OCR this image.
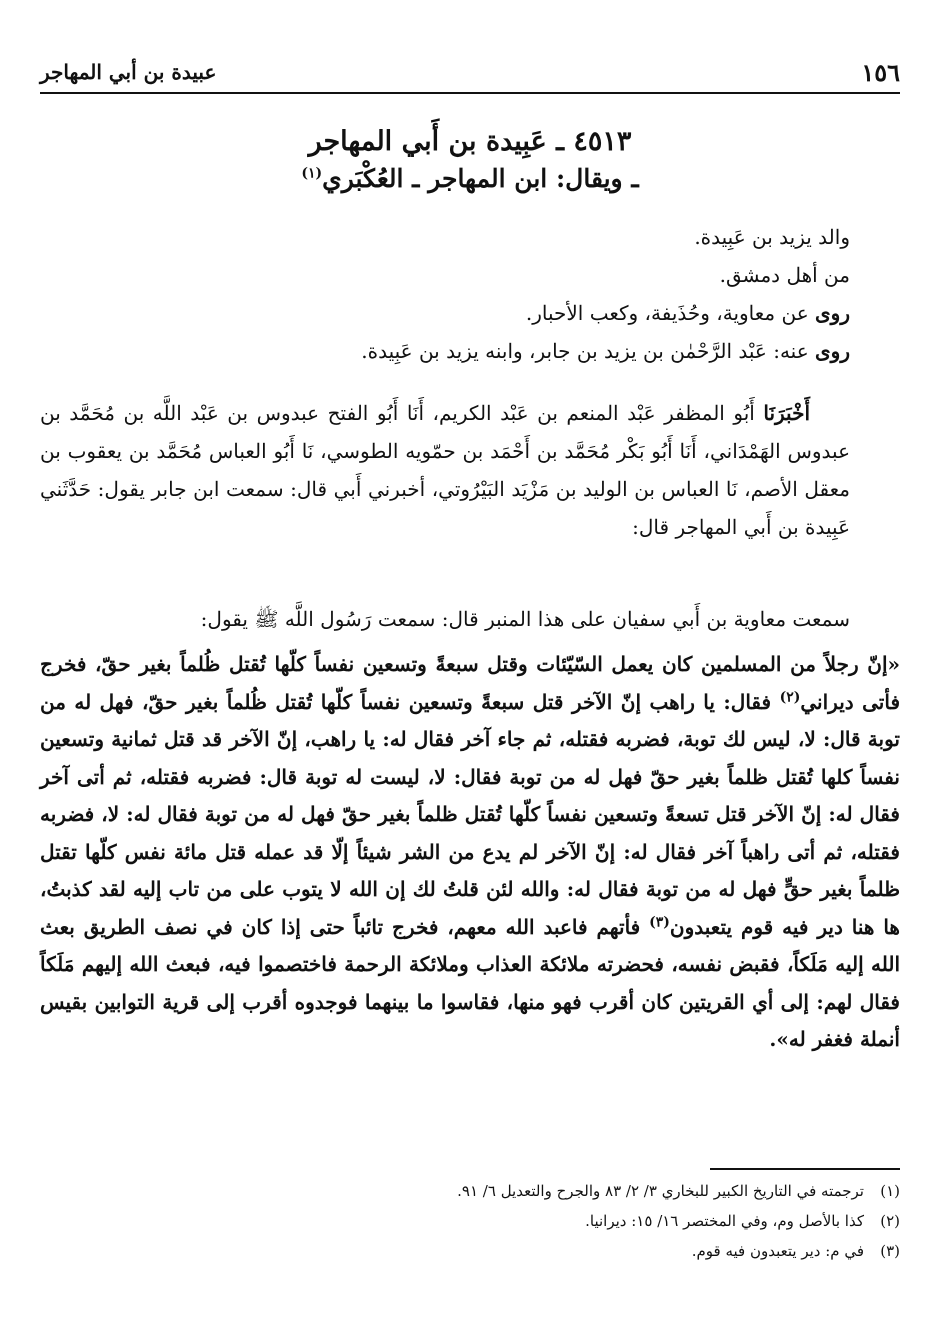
١٥٦
عبيدة بن أبي المهاجر
٤٥١٣ ـ عَبِيدة بن أَبي المهاجر
ـ ويقال: ابن المهاجر ـ العُكْبَري$^{(١)}$

والد يزيد بن عَبِيدة.

من أهل دمشق.

روى عن معاوية، وحُذَيفة، وكعب الأحبار.

روى عنه: عَبْد الرَّحْمٰن بن يزيد بن جابر، وابنه يزيد بن عَبِيدة.

أَخْبَرَنَا أَبُو المظفر عَبْد المنعم بن عَبْد الكريم، أَنَا أَبُو الفتح عبدوس بن عَبْد اللَّه بن مُحَمَّد بن عبدوس الهَمْدَاني، أَنَا أَبُو بَكْر مُحَمَّد بن أَحْمَد بن حمّويه الطوسي، نَا أَبُو العباس مُحَمَّد بن يعقوب بن معقل الأصم، نَا العباس بن الوليد بن مَزْيَد البَيْرُوتي، أخبرني أَبي قال: سمعت ابن جابر يقول: حَدَّثَني عَبِيدة بن أَبي المهاجر قال:

سمعت معاوية بن أَبي سفيان على هذا المنبر قال: سمعت رَسُول اللَّه ﷺ يقول:
«إنّ رجلاً من المسلمين كان يعمل السّيّئات وقتل سبعةً وتسعين نفساً كلّها تُقتل ظُلماً بغير حقّ، فخرج فأتى ديراني$^{(٢)}$ فقال: يا راهب إنّ الآخر قتل سبعةً وتسعين نفساً كلّها تُقتل ظُلماً بغير حقّ، فهل له من توبة قال: لا، ليس لك توبة، فضربه فقتله، ثم جاء آخر فقال له: يا راهب، إنّ الآخر قد قتل ثمانية وتسعين نفساً كلها تُقتل ظلماً بغير حقّ فهل له من توبة فقال: لا، ليست له توبة قال: فضربه فقتله، ثم أتى آخر فقال له: إنّ الآخر قتل تسعةً وتسعين نفساً كلّها تُقتل ظلماً بغير حقّ فهل له من توبة فقال له: لا، فضربه فقتله، ثم أتى راهباً آخر فقال له: إنّ الآخر لم يدع من الشر شيئاً إلّا قد عمله قتل مائة نفس كلّها تقتل ظلماً بغير حقٍّ فهل له من توبة فقال له: والله لئن قلتُ لك إن الله لا يتوب على من تاب إليه لقد كذبتُ، ها هنا دير فيه قوم يتعبدون$^{(٣)}$ فأتهم فاعبد الله معهم، فخرج تائباً حتى إذا كان في نصف الطريق بعث الله إليه مَلَكاً، فقبض نفسه، فحضرته ملائكة العذاب وملائكة الرحمة فاختصموا فيه، فبعث الله إليهم مَلَكاً فقال لهم: إلى أي القريتين كان أقرب فهو منها، فقاسوا ما بينهما فوجدوه أقرب إلى قرية التوابين بقيس أنملة فغفر له».
(١)
ترجمته في التاريخ الكبير للبخاري ٣/ ٢/ ٨٣ والجرح والتعديل ٦/ ٩١.
(٢)
كذا بالأصل وم، وفي المختصر ١٦/ ١٥: ديرانيا.
(٣)
في م: دير يتعبدون فيه قوم.
